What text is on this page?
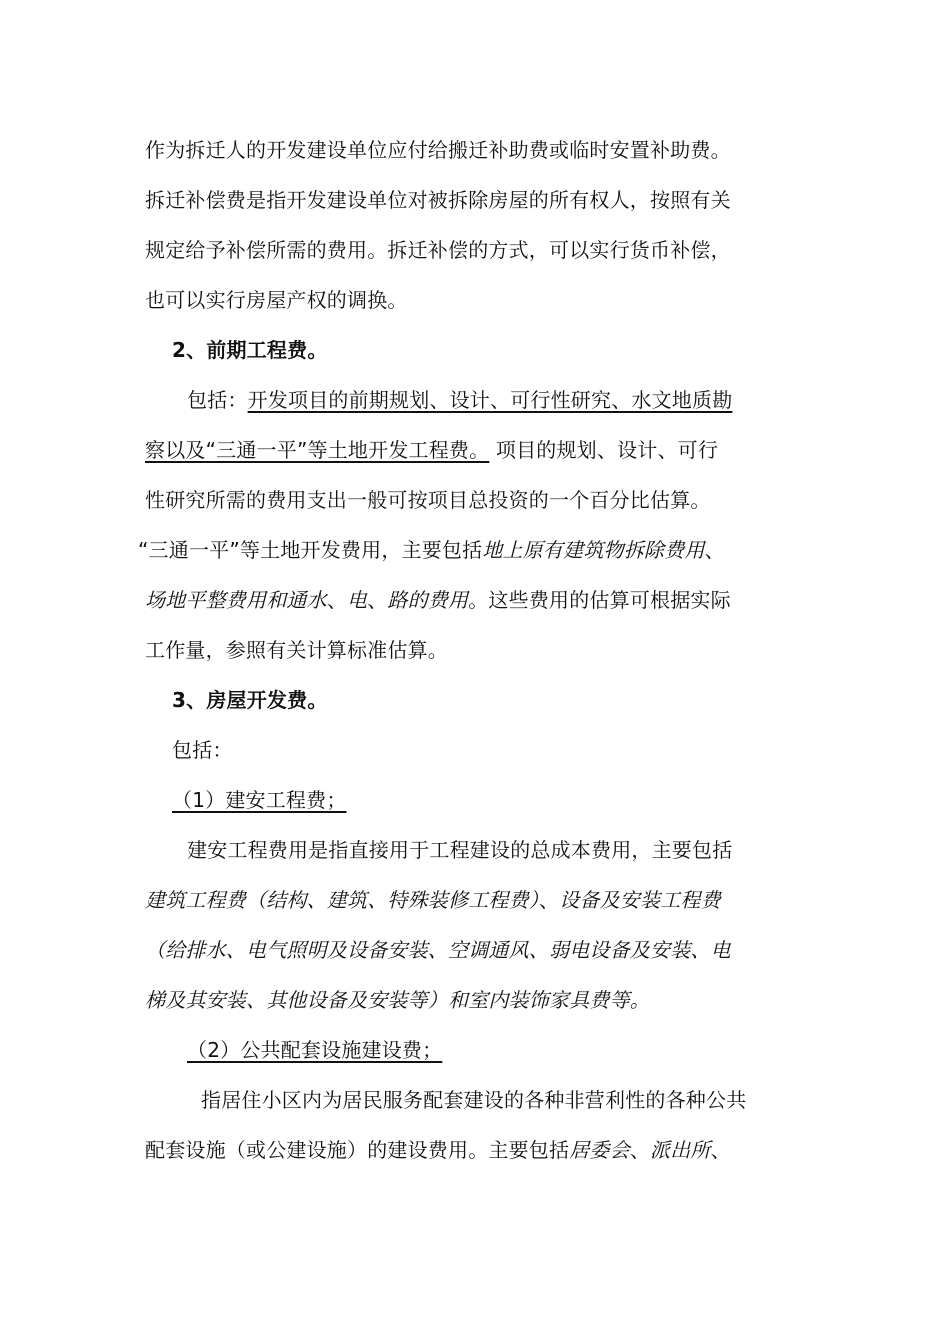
作为拆迁人的开发建设单位应付给搬迁补助费或临时安置补助费。
拆迁补偿费是指开发建设单位对被拆除房屋的所有权人，按照有关
规定给予补偿所需的费用。拆迁补偿的方式，可以实行货币补偿，
也可以实行房屋产权的调换。
2、前期工程费。
包括：开发项目的前期规划、设计、可行性研究、水文地质勘
察以及“三通一平”等土地开发工程费。 项目的规划、设计、可行
性研究所需的费用支出一般可按项目总投资的一个百分比估算。
“三通一平”等土地开发费用，主要包括地上原有建筑物拆除费用、
场地平整费用和通水、电、路的费用。这些费用的估算可根据实际
工作量，参照有关计算标准估算。
3、房屋开发费。
包括：
（1）建安工程费；
建安工程费用是指直接用于工程建设的总成本费用，主要包括
建筑工程费（结构、建筑、特殊装修工程费）、设备及安装工程费
（给排水、电气照明及设备安装、空调通风、弱电设备及安装、电
梯及其安装、其他设备及安装等）和室内装饰家具费等。
（2）公共配套设施建设费；
指居住小区内为居民服务配套建设的各种非营利性的各种公共
配套设施（或公建设施）的建设费用。主要包括居委会、派出所、
